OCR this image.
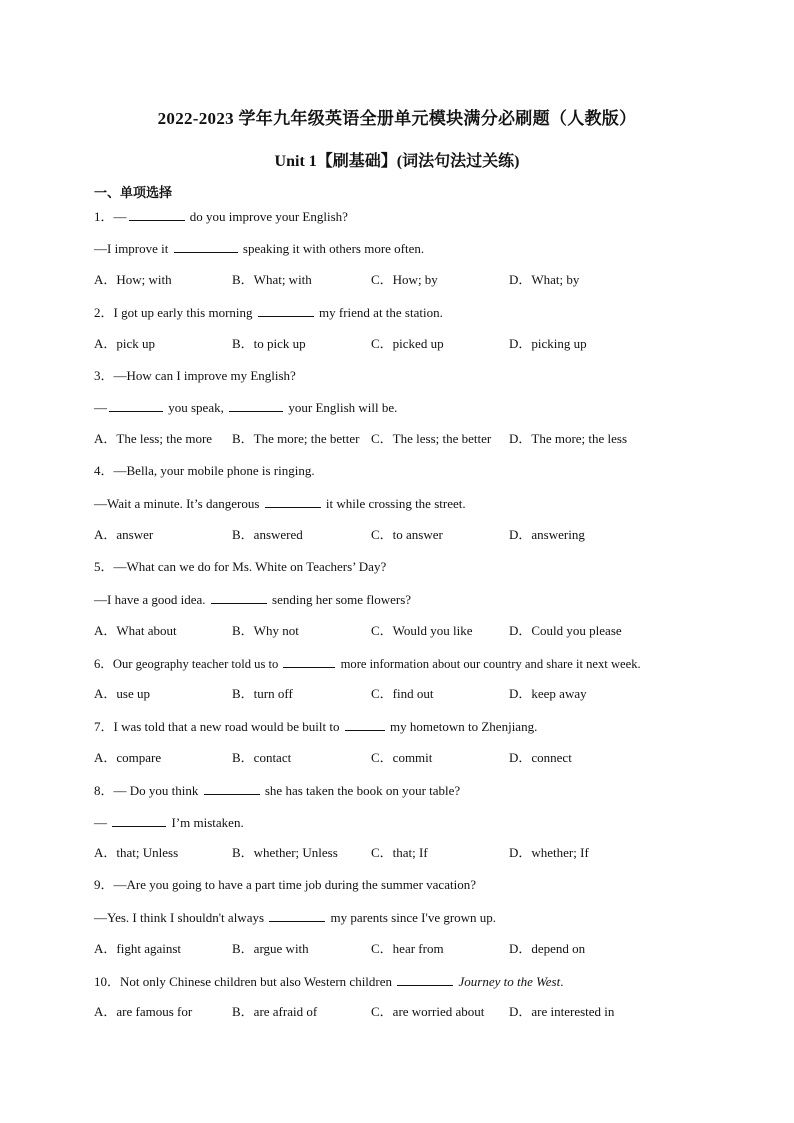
2022-2023 学年九年级英语全册单元模块满分必刷题（人教版）
Unit 1【刷基础】(词法句法过关练)
一、单项选择
1．—	do you improve your English?
—I improve it	speaking it with others more often.
A．How; with	B．What; with	C．How; by	D．What; by
2．I got up early this morning	my friend at the station.
A．pick up	B．to pick up	C．picked up	D．picking up
3．—How can I improve my English?
—	you speak,	your English will be.
A．The less; the more B．The more; the better C．The less; the better D．The more; the less
4．—Bella, your mobile phone is ringing.
—Wait a minute. It’s dangerous	it while crossing the street.
A．answer	B．answered	C．to answer	D．answering
5．—What can we do for Ms. White on Teachers’ Day?
—I have a good idea.	sending her some flowers?
A．What about	B．Why not	C．Would you like	D．Could you please
6．Our geography teacher told us to	more information about our country and share it next week.
A．use up	B．turn off	C．find out	D．keep away
7．I was told that a new road would be built to	my hometown to Zhenjiang.
A．compare	B．contact	C．commit	D．connect
8．— Do you think	she has taken the book on your table?
—	I’m mistaken.
A．that; Unless	B．whether; Unless	C．that; If	D．whether; If
9．—Are you going to have a part time job during the summer vacation?
—Yes. I think I shouldn't always	my parents since I've grown up.
A．fight against	B．argue with	C．hear from	D．depend on
10．Not only Chinese children but also Western children	Journey to the West.
A．are famous for	B．are afraid of	C．are worried about D．are interested in
